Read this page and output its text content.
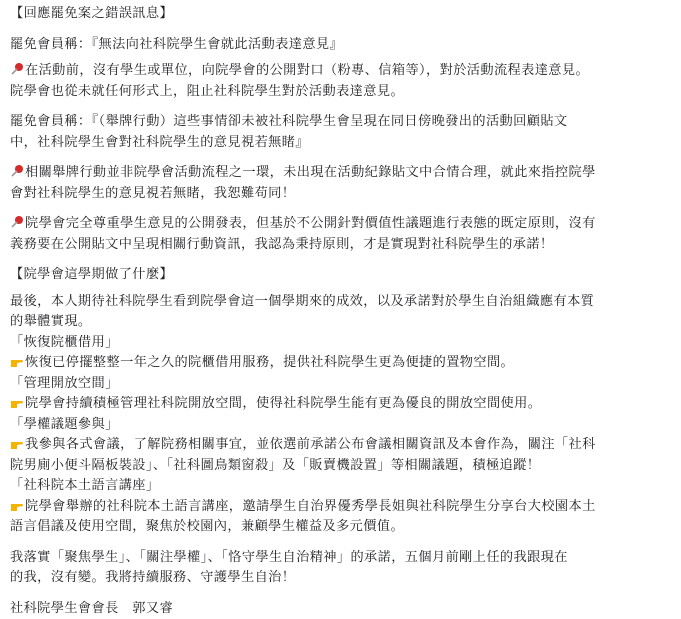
【回應罷免案之錯誤訊息】
罷免會員稱：『無法向社科院學生會就此活動表達意見』
在活動前，沒有學生或單位，向院學會的公開對口（粉專、信箱等），對於活動流程表達意見。
院學會也從未就任何形式上，阻止社科院學生對於活動表達意見。
罷免會員稱：『（舉牌行動）這些事情卻未被社科院學生會呈現在同日傍晚發出的活動回顧貼文
中，社科院學生會對社科院學生的意見視若無睹』
相關舉牌行動並非院學會活動流程之一環，未出現在活動紀錄貼文中合情合理，就此來指控院學
會對社科院學生的意見視若無睹，我恕難苟同！
院學會完全尊重學生意見的公開發表，但基於不公開針對價值性議題進行表態的既定原則，沒有
義務要在公開貼文中呈現相關行動資訊，我認為秉持原則，才是實現對社科院學生的承諾！
【院學會這學期做了什麼】
最後，本人期待社科院學生看到院學會這一個學期來的成效，以及承諾對於學生自治組織應有本質
的舉體實現。
「恢復院櫃借用」
恢復已停擺整整一年之久的院櫃借用服務，提供社科院學生更為便捷的置物空間。
「管理開放空間」
院學會持續積極管理社科院開放空間，使得社科院學生能有更為優良的開放空間使用。
「學權議題參與」
我參與各式會議，了解院務相關事宜，並依選前承諾公布會議相關資訊及本會作為，關注「社科
院男廁小便斗隔板裝設」、「社科圖鳥類窗殺」及「販賣機設置」等相關議題，積極追蹤！
「社科院本土語言講座」
院學會舉辦的社科院本土語言講座，邀請學生自治界優秀學長姐與社科院學生分享台大校園本土
語言倡議及使用空間，聚焦於校園內，兼顧學生權益及多元價值。
我落實「聚焦學生」、「關注學權」、「恪守學生自治精神」的承諾，五個月前剛上任的我跟現在
的我，沒有變。我將持續服務、守護學生自治！
社科院學生會會長　郭又睿
